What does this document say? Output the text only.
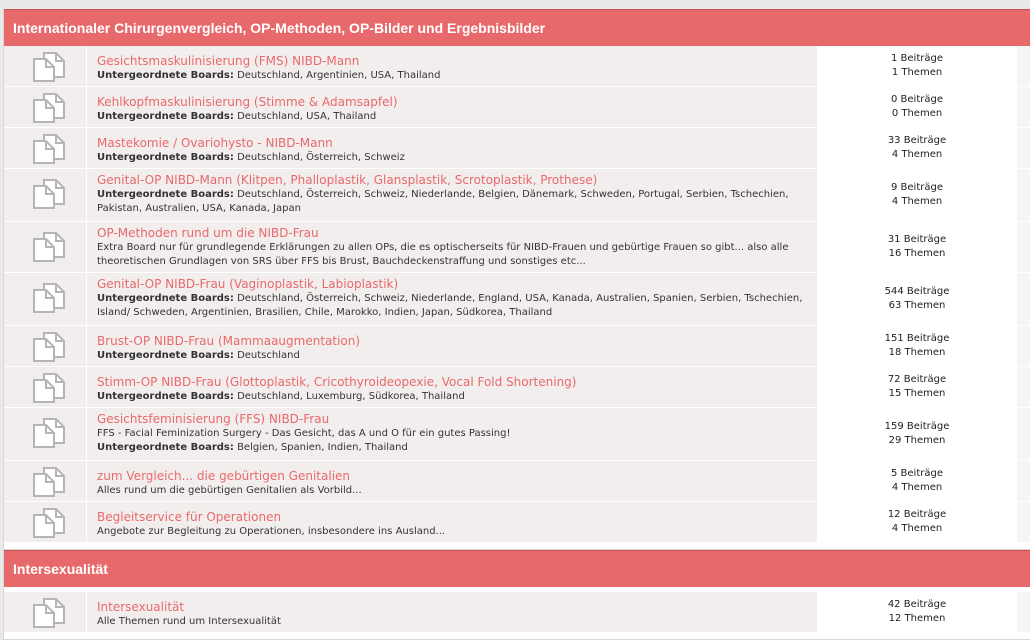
Internationaler Chirurgenvergleich, OP-Methoden, OP-Bilder und Ergebnisbilder
Gesichtsmaskulinisierung (FMS) NIBD-Mann
Untergeordnete Boards: Deutschland, Argentinien, USA, Thailand
1 Beiträge
1 Themen
Kehlkopfmaskulinisierung (Stimme & Adamsapfel)
Untergeordnete Boards: Deutschland, USA, Thailand
0 Beiträge
0 Themen
Mastekomie / Ovariohysto - NIBD-Mann
Untergeordnete Boards: Deutschland, Österreich, Schweiz
33 Beiträge
4 Themen
Genital-OP NIBD-Mann (Klitpen, Phalloplastik, Glansplastik, Scrotoplastik, Prothese)
Untergeordnete Boards: Deutschland, Österreich, Schweiz, Niederlande, Belgien, Dänemark, Schweden, Portugal, Serbien, Tschechien, Pakistan, Australien, USA, Kanada, Japan
9 Beiträge
4 Themen
OP-Methoden rund um die NIBD-Frau
Extra Board nur für grundlegende Erklärungen zu allen OPs, die es optischerseits für NIBD-Frauen und gebürtige Frauen so gibt... also alle theoretischen Grundlagen von SRS über FFS bis Brust, Bauchdeckenstraffung und sonstiges etc...
31 Beiträge
16 Themen
Genital-OP NIBD-Frau (Vaginoplastik, Labioplastik)
Untergeordnete Boards: Deutschland, Österreich, Schweiz, Niederlande, England, USA, Kanada, Australien, Spanien, Serbien, Tschechien, Island/ Schweden, Argentinien, Brasilien, Chile, Marokko, Indien, Japan, Südkorea, Thailand
544 Beiträge
63 Themen
Brust-OP NIBD-Frau (Mammaaugmentation)
Untergeordnete Boards: Deutschland
151 Beiträge
18 Themen
Stimm-OP NIBD-Frau (Glottoplastik, Cricothyroideopexie, Vocal Fold Shortening)
Untergeordnete Boards: Deutschland, Luxemburg, Südkorea, Thailand
72 Beiträge
15 Themen
Gesichtsfeminisierung (FFS) NIBD-Frau
FFS - Facial Feminization Surgery - Das Gesicht, das A und O für ein gutes Passing!
Untergeordnete Boards: Belgien, Spanien, Indien, Thailand
159 Beiträge
29 Themen
zum Vergleich... die gebürtigen Genitalien
Alles rund um die gebürtigen Genitalien als Vorbild...
5 Beiträge
4 Themen
Begleitservice für Operationen
Angebote zur Begleitung zu Operationen, insbesondere ins Ausland...
12 Beiträge
4 Themen
Intersexualität
Intersexualität
Alle Themen rund um Intersexualität
42 Beiträge
12 Themen
